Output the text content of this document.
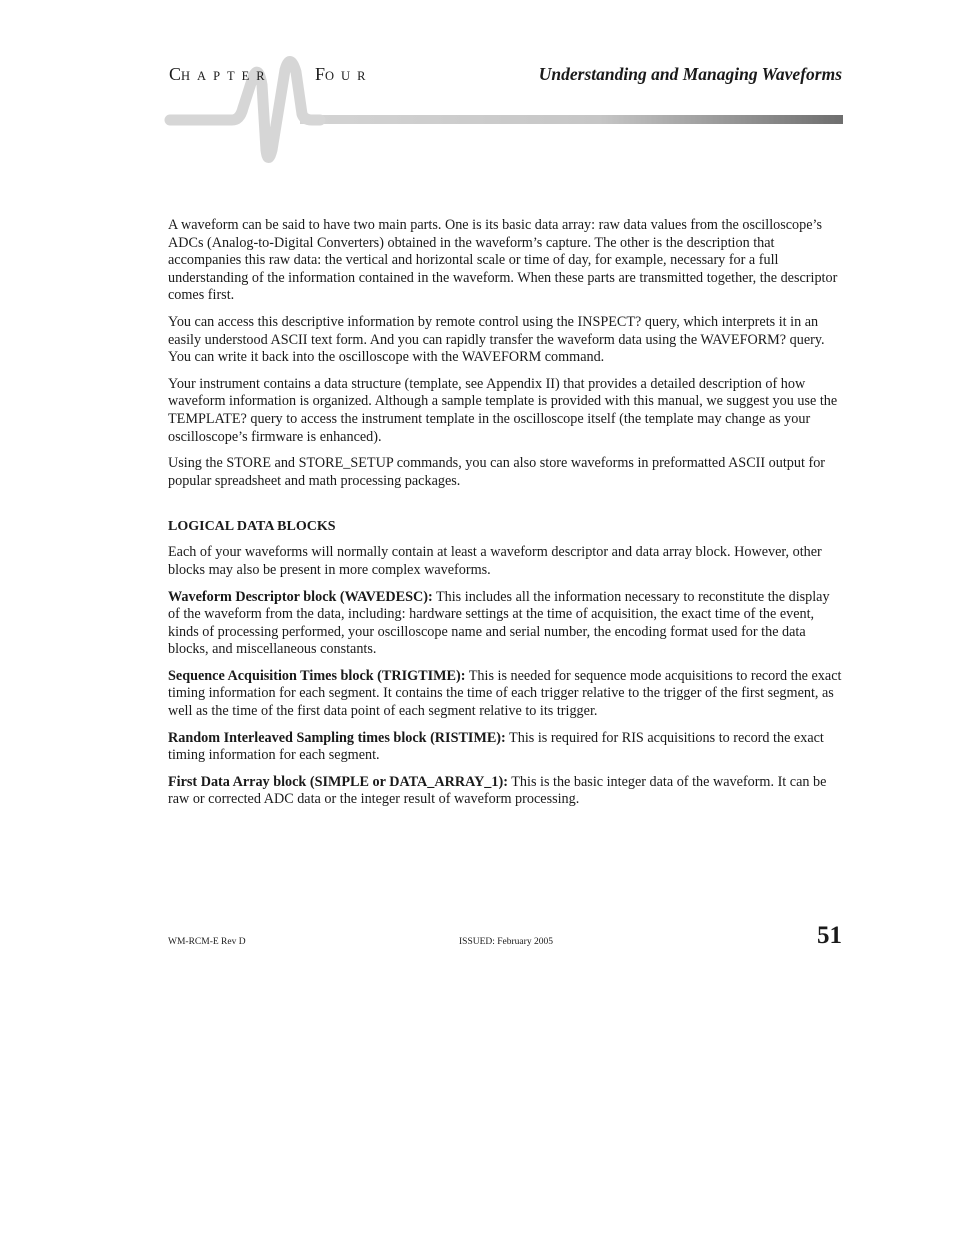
CHAPTER FOUR	Understanding and Managing Waveforms

A waveform can be said to have two main parts. One is its basic data array: raw data values from the oscilloscope’s ADCs (Analog-to-Digital Converters) obtained in the waveform’s capture. The other is the description that accompanies this raw data: the vertical and horizontal scale or time of day, for example, necessary for a full understanding of the information contained in the waveform. When these parts are transmitted together, the descriptor comes first.

You can access this descriptive information by remote control using the INSPECT? query, which interprets it in an easily understood ASCII text form. And you can rapidly transfer the waveform data using the WAVEFORM? query. You can write it back into the oscilloscope with the WAVEFORM command.

Your instrument contains a data structure (template, see Appendix II) that provides a detailed description of how waveform information is organized. Although a sample template is provided with this manual, we suggest you use the TEMPLATE? query to access the instrument template in the oscilloscope itself (the template may change as your oscilloscope’s firmware is enhanced).

Using the STORE and STORE_SETUP commands, you can also store waveforms in preformatted ASCII output for popular spreadsheet and math processing packages.

LOGICAL DATA BLOCKS

Each of your waveforms will normally contain at least a waveform descriptor and data array block. However, other blocks may also be present in more complex waveforms.

Waveform Descriptor block (WAVEDESC): This includes all the information necessary to reconstitute the display of the waveform from the data, including: hardware settings at the time of acquisition, the exact time of the event, kinds of processing performed, your oscilloscope name and serial number, the encoding format used for the data blocks, and miscellaneous constants.

Sequence Acquisition Times block (TRIGTIME): This is needed for sequence mode acquisitions to record the exact timing information for each segment. It contains the time of each trigger relative to the trigger of the first segment, as well as the time of the first data point of each segment relative to its trigger.

Random Interleaved Sampling times block (RISTIME): This is required for RIS acquisitions to record the exact timing information for each segment.

First Data Array block (SIMPLE or DATA_ARRAY_1): This is the basic integer data of the waveform. It can be raw or corrected ADC data or the integer result of waveform processing.

WM-RCM-E Rev D	ISSUED: February 2005	51
